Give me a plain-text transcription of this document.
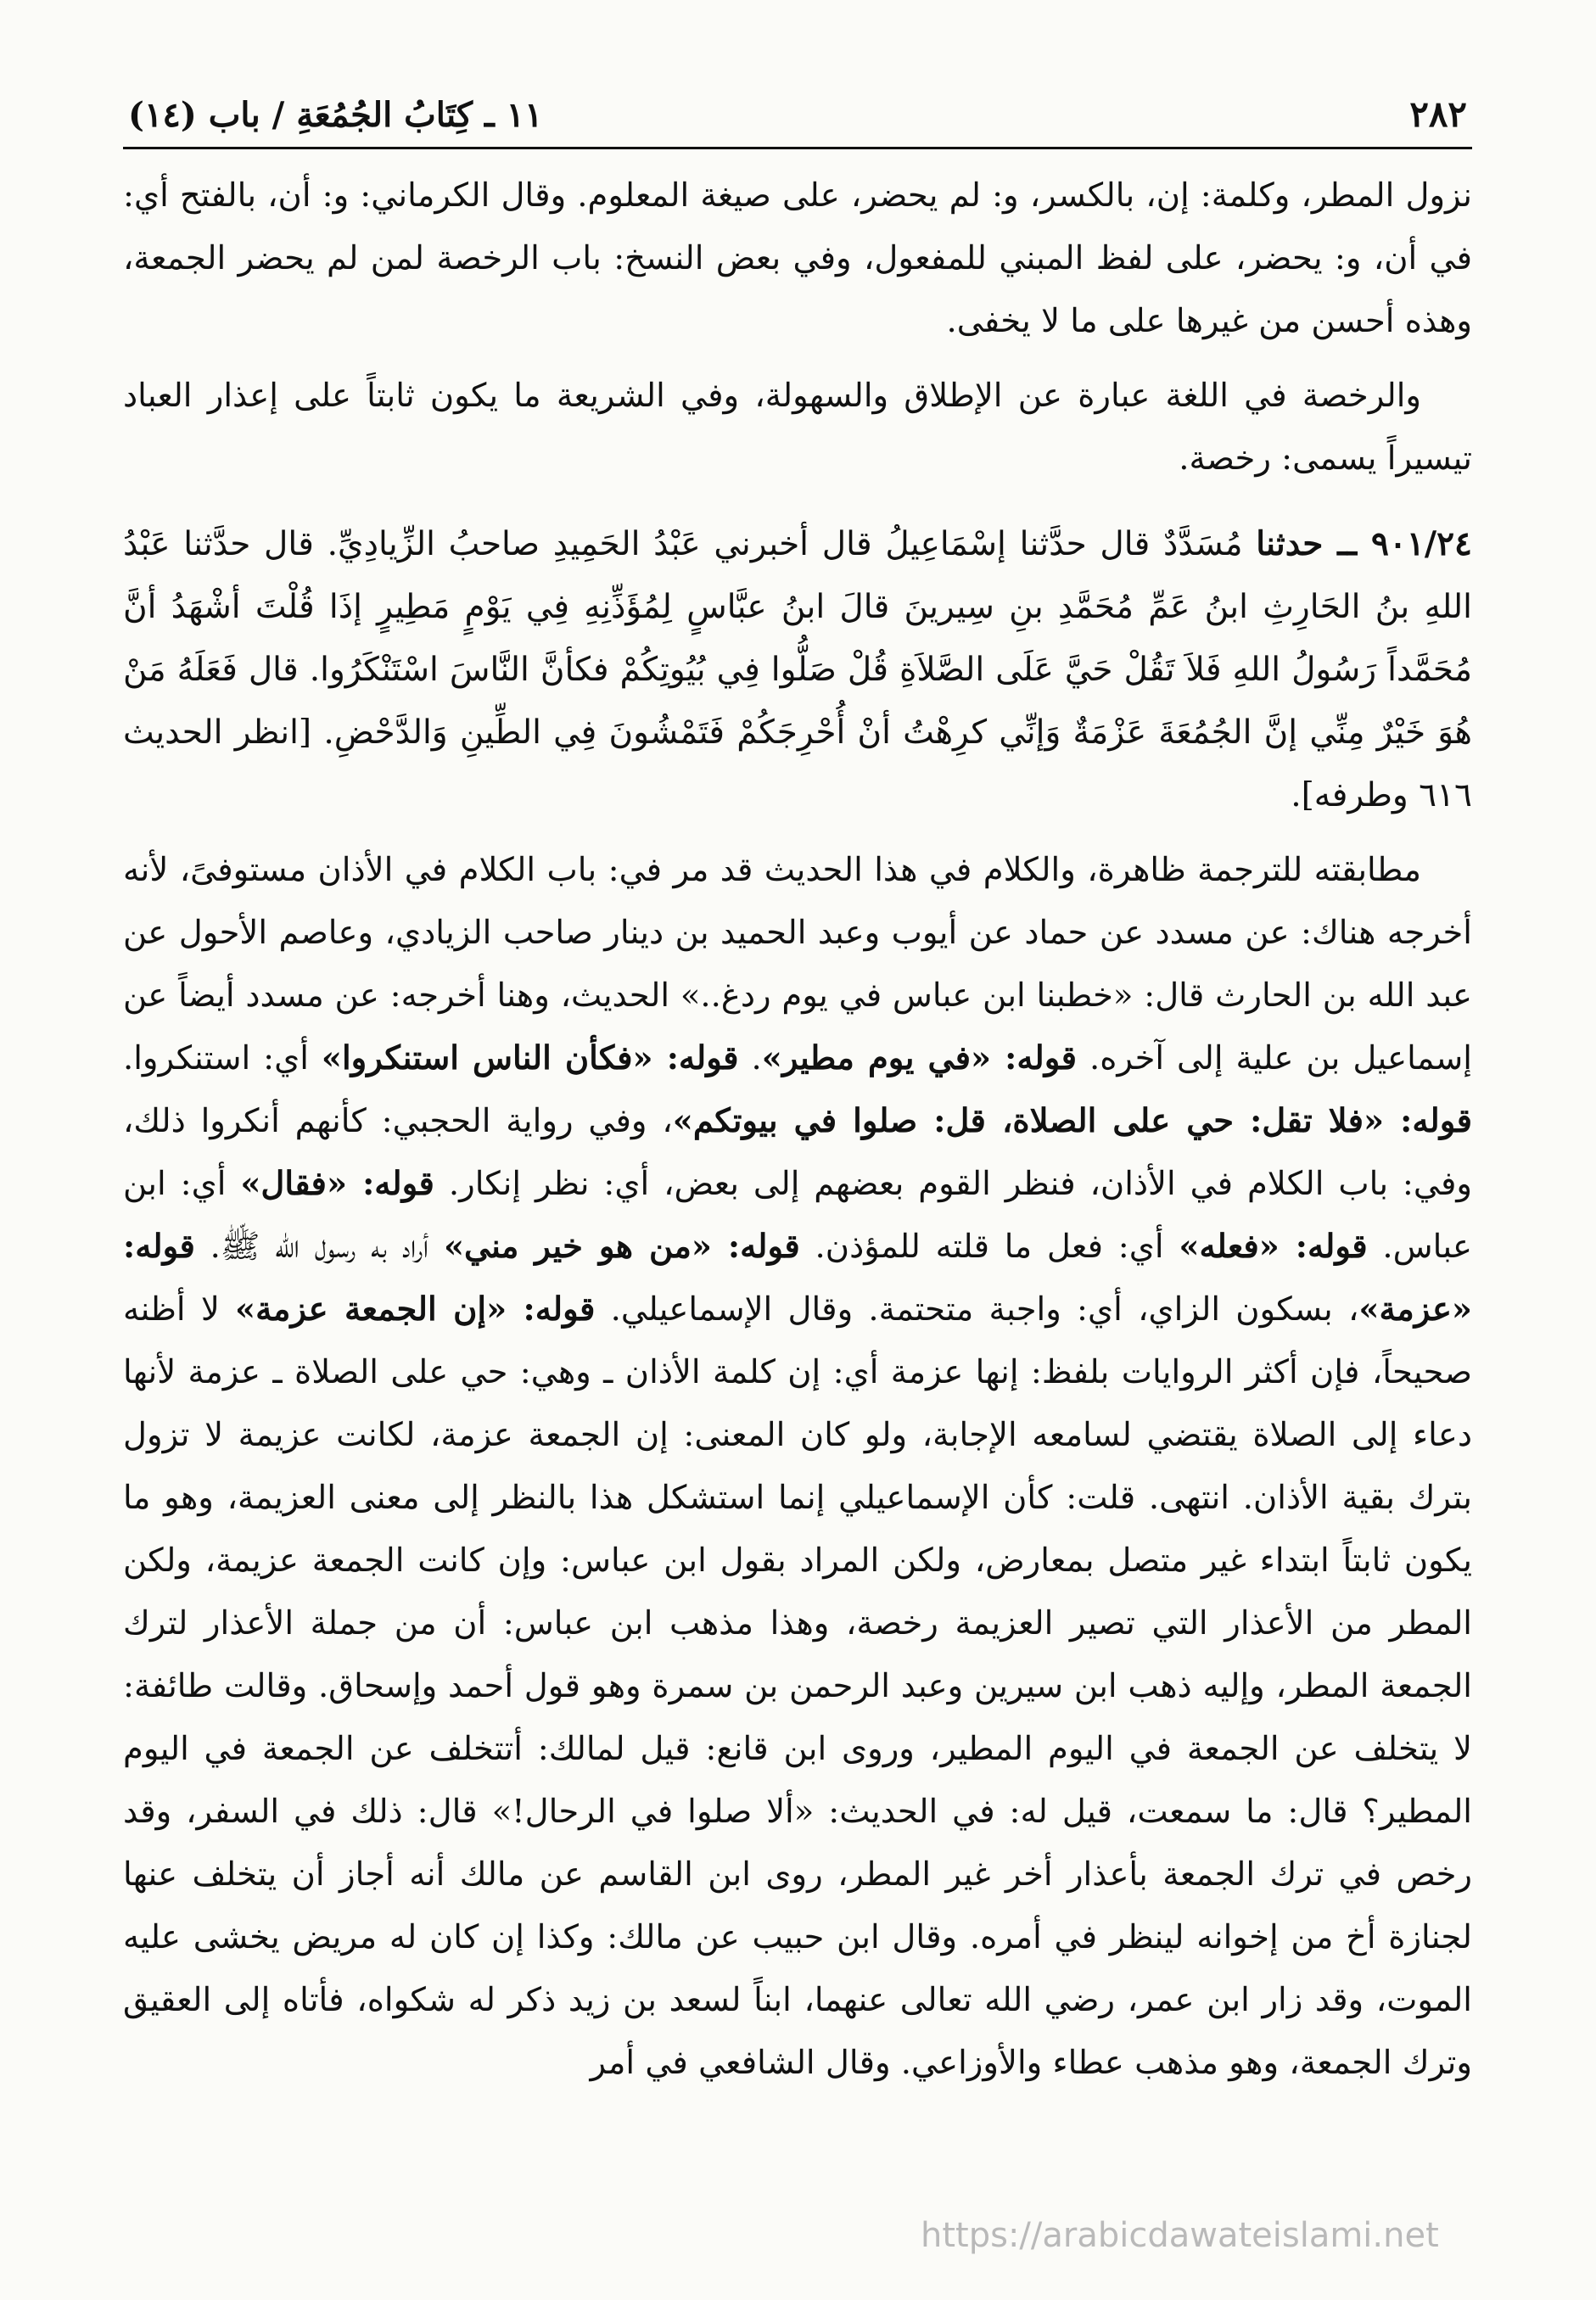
٢٨٢
١١ ـ كِتَابُ الجُمُعَةِ / باب (١٤)

نزول المطر، وكلمة: إن، بالكسر، و: لم يحضر، على صيغة المعلوم. وقال الكرماني: و: أن، بالفتح أي: في أن، و: يحضر، على لفظ المبني للمفعول، وفي بعض النسخ: باب الرخصة لمن لم يحضر الجمعة، وهذه أحسن من غيرها على ما لا يخفى.

والرخصة في اللغة عبارة عن الإطلاق والسهولة، وفي الشريعة ما يكون ثابتاً على إعذار العباد تيسيراً يسمى: رخصة.

٩٠١/٢٤ ــ حدثنا مُسَدَّدٌ قال حدَّثنا إسْمَاعِيلُ قال أخبرني عَبْدُ الحَمِيدِ صاحبُ الزِّيادِيِّ. قال حدَّثنا عَبْدُ اللهِ بنُ الحَارِثِ ابنُ عَمِّ مُحَمَّدِ بنِ سِيرينَ قالَ ابنُ عبَّاسٍ لِمُؤَذِّنِهِ فِي يَوْمٍ مَطِيرٍ إذَا قُلْتَ أشْهَدُ أنَّ مُحَمَّداً رَسُولُ اللهِ فَلاَ تَقُلْ حَيَّ عَلَى الصَّلاَةِ قُلْ صَلُّوا فِي بُيُوتِكُمْ فكأنَّ النَّاسَ اسْتَنْكَرُوا. قال فَعَلَهُ مَنْ هُوَ خَيْرٌ مِنِّي إنَّ الجُمُعَةَ عَزْمَةٌ وَإنِّي كرِهْتُ أنْ أُحْرِجَكُمْ فَتَمْشُونَ فِي الطِّينِ وَالدَّحْضِ. [انظر الحديث ٦١٦ وطرفه].

مطابقته للترجمة ظاهرة، والكلام في هذا الحديث قد مر في: باب الكلام في الأذان مستوفىً، لأنه أخرجه هناك: عن مسدد عن حماد عن أيوب وعبد الحميد بن دينار صاحب الزيادي، وعاصم الأحول عن عبد الله بن الحارث قال: «خطبنا ابن عباس في يوم ردغ..» الحديث، وهنا أخرجه: عن مسدد أيضاً عن إسماعيل بن علية إلى آخره. قوله: «في يوم مطير». قوله: «فكأن الناس استنكروا» أي: استنكروا. قوله: «فلا تقل: حي على الصلاة، قل: صلوا في بيوتكم»، وفي رواية الحجبي: كأنهم أنكروا ذلك، وفي: باب الكلام في الأذان، فنظر القوم بعضهم إلى بعض، أي: نظر إنكار. قوله: «فقال» أي: ابن عباس. قوله: «فعله» أي: فعل ما قلته للمؤذن. قوله: «من هو خير مني» أراد به رسول الله ﷺ. قوله: «عزمة»، بسكون الزاي، أي: واجبة متحتمة. وقال الإسماعيلي. قوله: «إن الجمعة عزمة» لا أظنه صحيحاً، فإن أكثر الروايات بلفظ: إنها عزمة أي: إن كلمة الأذان ـ وهي: حي على الصلاة ـ عزمة لأنها دعاء إلى الصلاة يقتضي لسامعه الإجابة، ولو كان المعنى: إن الجمعة عزمة، لكانت عزيمة لا تزول بترك بقية الأذان. انتهى. قلت: كأن الإسماعيلي إنما استشكل هذا بالنظر إلى معنى العزيمة، وهو ما يكون ثابتاً ابتداء غير متصل بمعارض، ولكن المراد بقول ابن عباس: وإن كانت الجمعة عزيمة، ولكن المطر من الأعذار التي تصير العزيمة رخصة، وهذا مذهب ابن عباس: أن من جملة الأعذار لترك الجمعة المطر، وإليه ذهب ابن سيرين وعبد الرحمن بن سمرة وهو قول أحمد وإسحاق. وقالت طائفة: لا يتخلف عن الجمعة في اليوم المطير، وروى ابن قانع: قيل لمالك: أتتخلف عن الجمعة في اليوم المطير؟ قال: ما سمعت، قيل له: في الحديث: «ألا صلوا في الرحال!» قال: ذلك في السفر، وقد رخص في ترك الجمعة بأعذار أخر غير المطر، روى ابن القاسم عن مالك أنه أجاز أن يتخلف عنها لجنازة أخ من إخوانه لينظر في أمره. وقال ابن حبيب عن مالك: وكذا إن كان له مريض يخشى عليه الموت، وقد زار ابن عمر، رضي الله تعالى عنهما، ابناً لسعد بن زيد ذكر له شكواه، فأتاه إلى العقيق وترك الجمعة، وهو مذهب عطاء والأوزاعي. وقال الشافعي في أمر

https://arabicdawateislami.net
